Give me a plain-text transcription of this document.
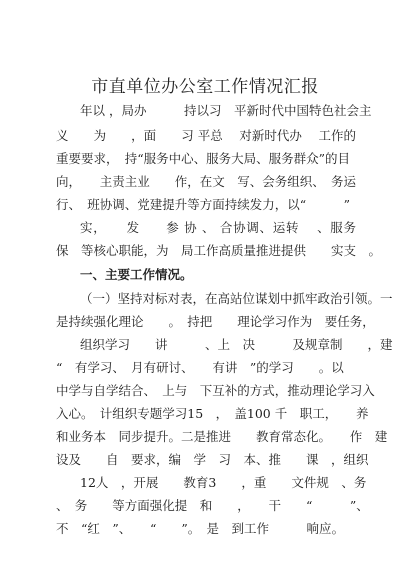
市直单位办公室工作情况汇报
年以 ，局办　　　持以习　平新时代中国特色社会主
义　　为　　，面　　习 平总　 对新时代办　 工作的
重要要求，　持“服务中心、服务大局、服务群众”的目
向，　　主责主业　　作，在文　写、会务组织、　务运
行、　班协调、党建提升等方面持续发力，以“　　　”
实，　　发　　参 协 、 合协调、运转　 、服务
保　等核心职能，为　局工作高质量推进提供　　实支　。
一、主要工作情况。
（一）坚持对标对表，在高站位谋划中抓牢政治引领。一
是持续强化理论　　。　持把　　理论学习作为　要任务，
组织学习　　讲　　　、上　决　　　及规章制　　，建
“　有学习、　月有研讨、　　有讲　”的学习　　。以
中学与自学结合、　上与　下互补的方式，推动理论学习入
入心。　计组织专题学习15　，　盖100 千　职工，　　养
和业务本　同步提升。二是推进　　教育常态化。　　作　建
设及　　自　要求，编　学　习　本、推　　课　，组织
12人　，开展　　教育3　　，重　　文件规　、务
、　务　　等方面强化提　和　　，　　干　　“　　　”、
不　“红　”、　　“　　”。　是　到工作　　　响应。
